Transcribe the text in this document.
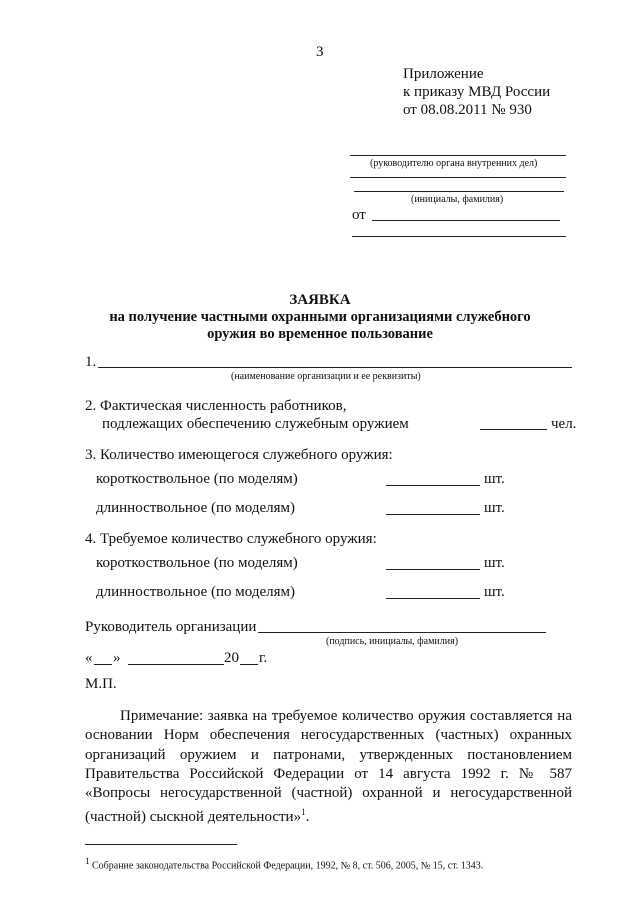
3
Приложение
к приказу МВД России
от 08.08.2011 № 930
(руководителю органа внутренних дел)
(инициалы, фамилия)
от
ЗАЯВКА
на получение частными охранными организациями служебного
оружия во временное пользование
1.
(наименование организации и ее реквизиты)
2. Фактическая численность работников,
подлежащих обеспечению служебным оружием	чел.
3. Количество имеющегося служебного оружия:
короткоствольное (по моделям)	шт.
длинноствольное (по моделям)	шт.
4. Требуемое количество служебного оружия:
короткоствольное (по моделям)	шт.
длинноствольное (по моделям)	шт.
Руководитель организации
(подпись, инициалы, фамилия)
« »	20 г.
М.П.
Примечание: заявка на требуемое количество оружия составляется на основании Норм обеспечения негосударственных (частных) охранных организаций оружием и патронами, утвержденных постановлением Правительства Российской Федерации от 14 августа 1992 г. № 587 «Вопросы негосударственной (частной) охранной и негосударственной (частной) сыскной деятельности»$^1$.
$^1$ Собрание законодательства Российской Федерации, 1992, № 8, ст. 506, 2005, № 15, ст. 1343.
